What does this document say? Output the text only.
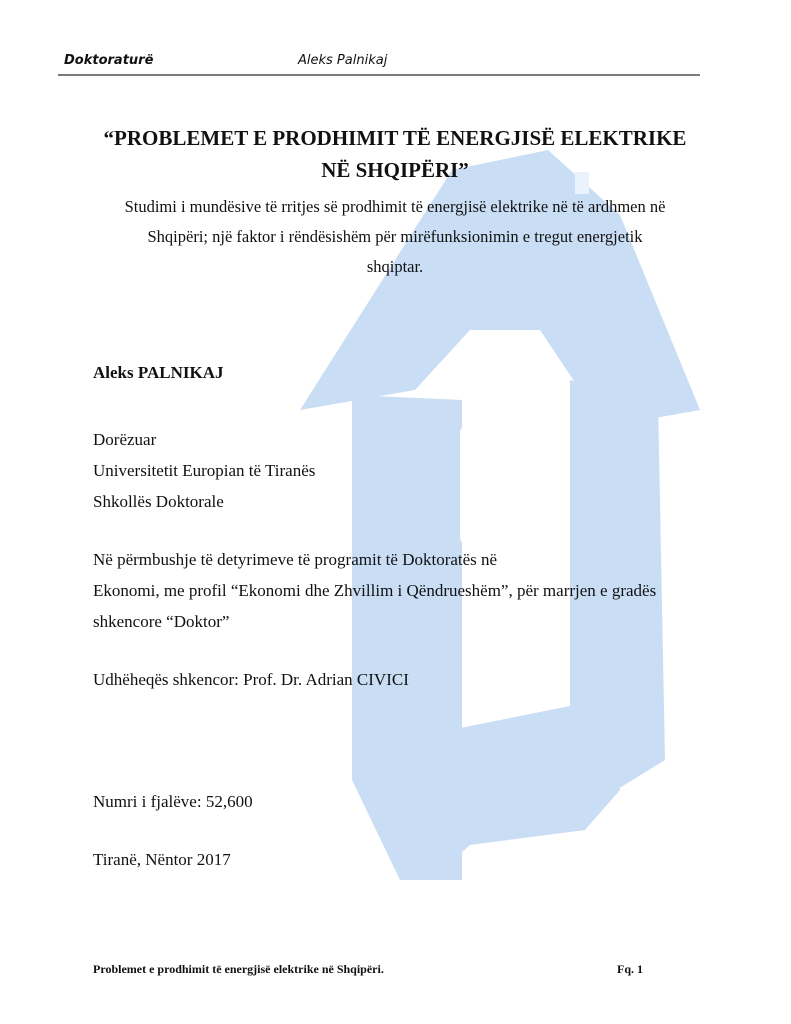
Doktoraturë	Aleks Palnikaj
“PROBLEMET E PRODHIMIT TË ENERGJISË ELEKTRIKE
NË SHQIPËRI”
Studimi i mundësive të rritjes së prodhimit të energjisë elektrike në të ardhmen në
Shqipëri; një faktor i rëndësishëm për mirëfunksionimin e tregut energjetik
shqiptar.
Aleks PALNIKAJ
Dorëzuar
Universitetit Europian të Tiranës
Shkollës Doktorale
Në përmbushje të detyrimeve të programit të Doktoratës në
Ekonomi, me profil “Ekonomi dhe Zhvillim i Qëndrueshëm”, për marrjen e gradës
shkencore “Doktor”
Udhëheqës shkencor: Prof. Dr. Adrian CIVICI
Numri i fjalëve: 52,600
Tiranë, Nëntor 2017
Problemet e prodhimit të energjisë elektrike në Shqipëri.	Fq. 1
